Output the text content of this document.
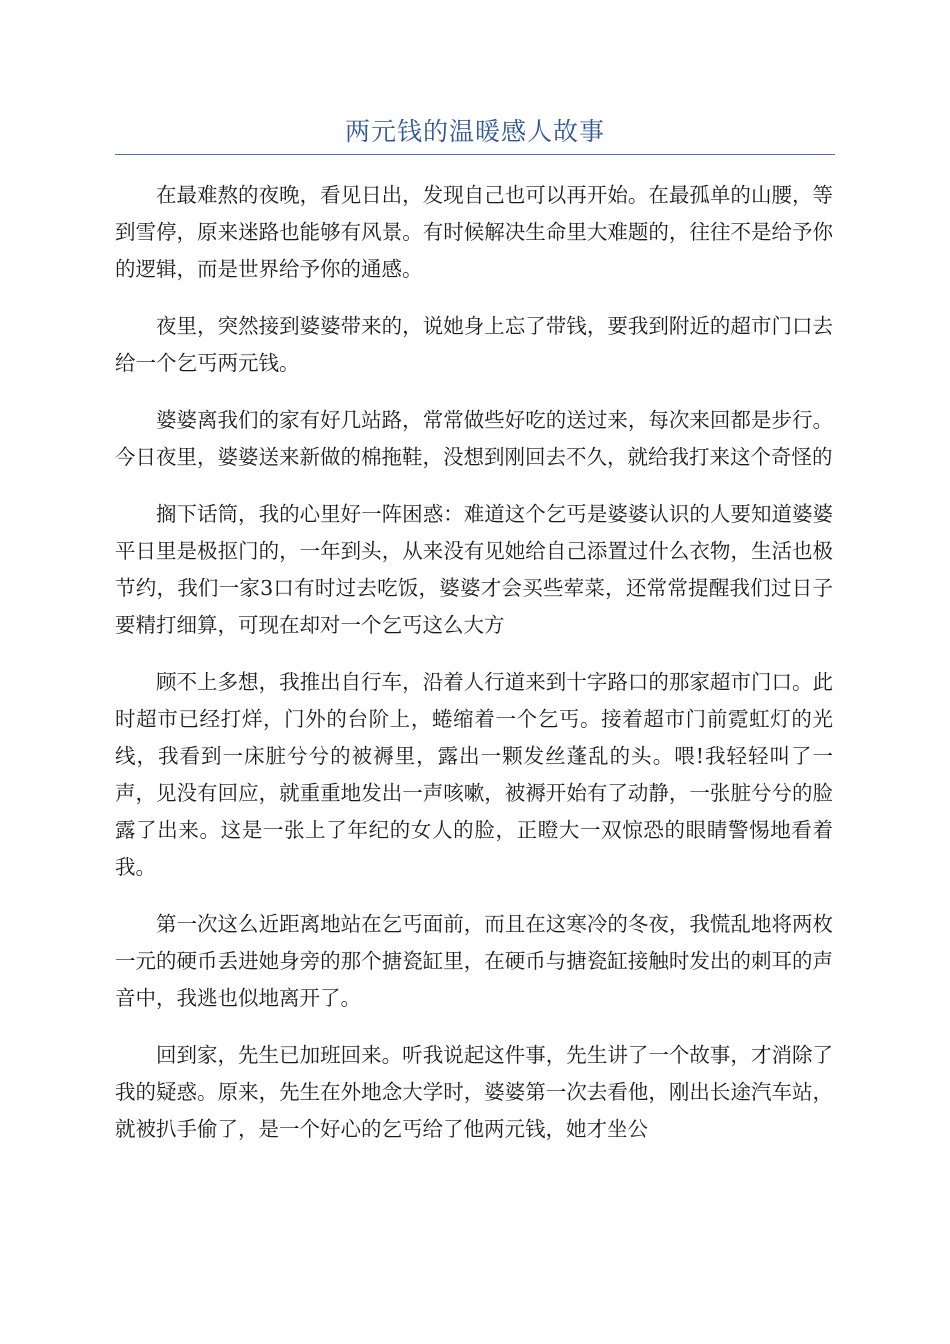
两元钱的温暖感人故事

在最难熬的夜晚，看见日出，发现自己也可以再开始。在最孤单的山腰，等到雪停，原来迷路也能够有风景。有时候解决生命里大难题的，往往不是给予你的逻辑，而是世界给予你的通感。

夜里，突然接到婆婆带来的，说她身上忘了带钱，要我到附近的超市门口去给一个乞丐两元钱。

婆婆离我们的家有好几站路，常常做些好吃的送过来，每次来回都是步行。今日夜里，婆婆送来新做的棉拖鞋，没想到刚回去不久，就给我打来这个奇怪的

搁下话筒，我的心里好一阵困惑：难道这个乞丐是婆婆认识的人要知道婆婆平日里是极抠门的，一年到头，从来没有见她给自己添置过什么衣物，生活也极节约，我们一家3口有时过去吃饭，婆婆才会买些荤菜，还常常提醒我们过日子要精打细算，可现在却对一个乞丐这么大方

顾不上多想，我推出自行车，沿着人行道来到十字路口的那家超市门口。此时超市已经打烊，门外的台阶上，蜷缩着一个乞丐。接着超市门前霓虹灯的光线，我看到一床脏兮兮的被褥里，露出一颗发丝蓬乱的头。喂!我轻轻叫了一声，见没有回应，就重重地发出一声咳嗽，被褥开始有了动静，一张脏兮兮的脸露了出来。这是一张上了年纪的女人的脸，正瞪大一双惊恐的眼睛警惕地看着我。

第一次这么近距离地站在乞丐面前，而且在这寒冷的冬夜，我慌乱地将两枚一元的硬币丢进她身旁的那个搪瓷缸里，在硬币与搪瓷缸接触时发出的刺耳的声音中，我逃也似地离开了。

回到家，先生已加班回来。听我说起这件事，先生讲了一个故事，才消除了我的疑惑。原来，先生在外地念大学时，婆婆第一次去看他，刚出长途汽车站，就被扒手偷了，是一个好心的乞丐给了他两元钱，她才坐公
